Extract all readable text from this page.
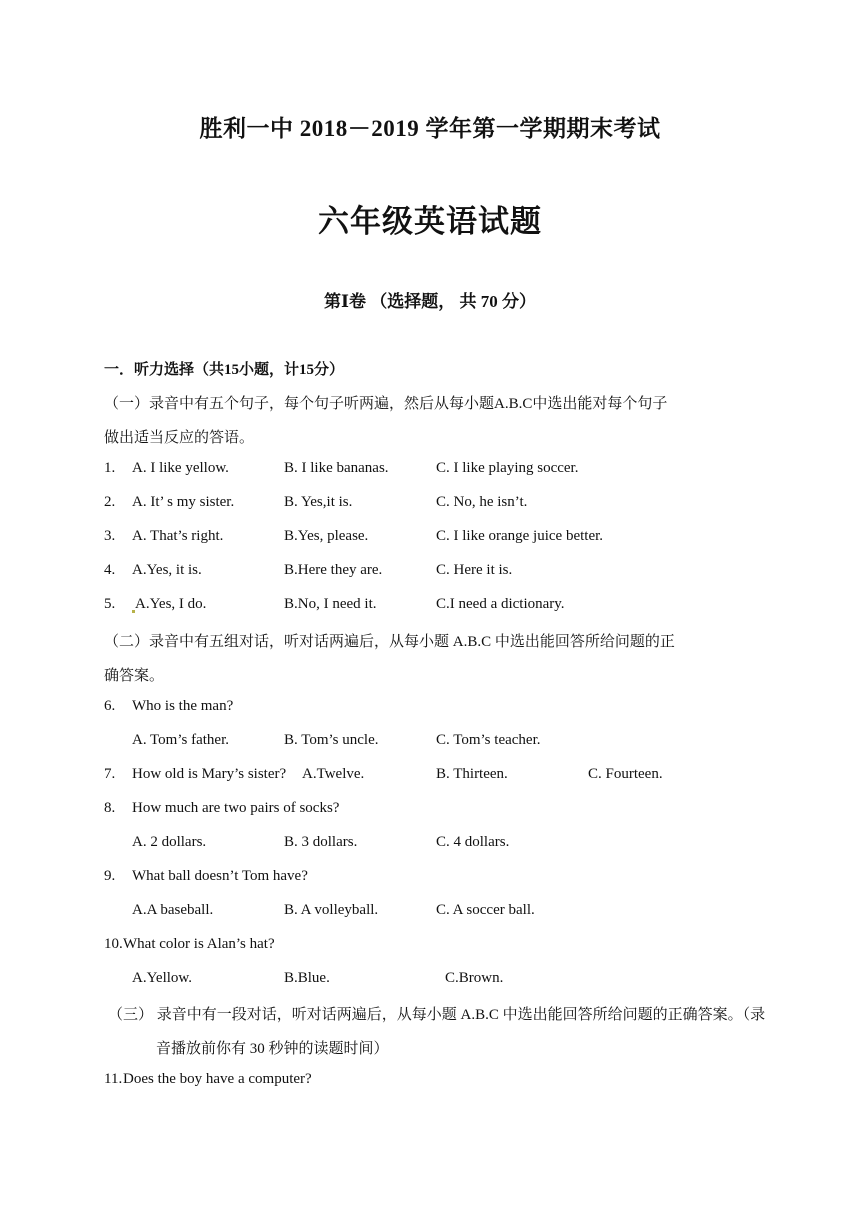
胜利一中 2018－2019 学年第一学期期末考试
六年级英语试题
第Ⅰ卷 （选择题， 共 70 分）
一．听力选择（共15小题，计15分）
（一）录音中有五个句子，每个句子听两遍，然后从每小题A.B.C中选出能对每个句子
做出适当反应的答语。
1. A. I like yellow.	B. I like bananas.	C. I like playing soccer.
2. A. It’ s my sister.	B. Yes,it is.	C. No, he isn’t.
3. A. That’s right.	B.Yes, please.	C. I like orange juice better.
4. A.Yes, it is.	B.Here they are.	C. Here it is.
5. A.Yes, I do.	B.No, I need it.	C.I need a dictionary.
（二）录音中有五组对话，听对话两遍后，从每小题 A.B.C 中选出能回答所给问题的正
确答案。
6. Who is the man?
A. Tom’s father.	B. Tom’s uncle.	C. Tom’s teacher.
7. How old is Mary’s sister? A.Twelve.	B. Thirteen.	C. Fourteen.
8. How much are two pairs of socks?
A. 2 dollars.	B. 3 dollars.	C. 4 dollars.
9. What ball doesn’t Tom have?
A.A baseball.	B. A volleyball.	C. A soccer ball.
10. What color is Alan’s hat?
A.Yellow.	B.Blue.	C.Brown.
（三） 录音中有一段对话，听对话两遍后，从每小题 A.B.C 中选出能回答所给问题的正确答案。（录
音播放前你有 30 秒钟的读题时间）
11. Does the boy have a computer?
